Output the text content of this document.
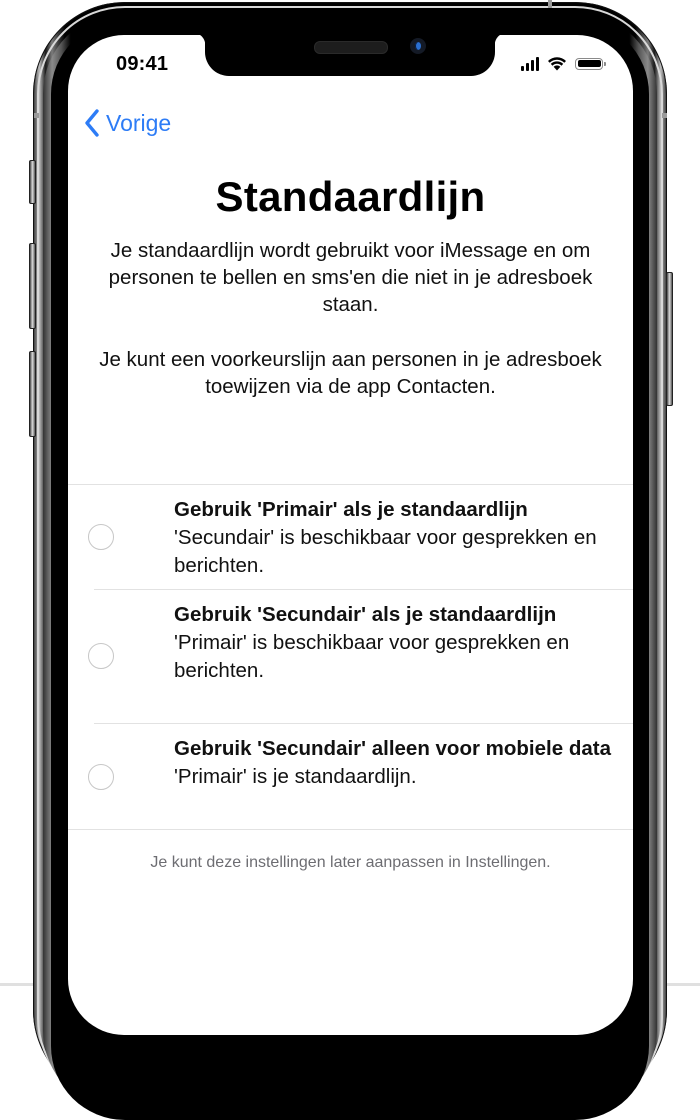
09:41
Vorige
Standaardlijn
Je standaardlijn wordt gebruikt voor iMessage en om personen te bellen en sms'en die niet in je adresboek staan.
Je kunt een voorkeurslijn aan personen in je adresboek toewijzen via de app Contacten.
Gebruik 'Primair' als je standaardlijn
'Secundair' is beschikbaar voor gesprekken en berichten.
Gebruik 'Secundair' als je standaardlijn
'Primair' is beschikbaar voor gesprekken en berichten.
Gebruik 'Secundair' alleen voor mobiele data
'Primair' is je standaardlijn.
Je kunt deze instellingen later aanpassen in Instellingen.
